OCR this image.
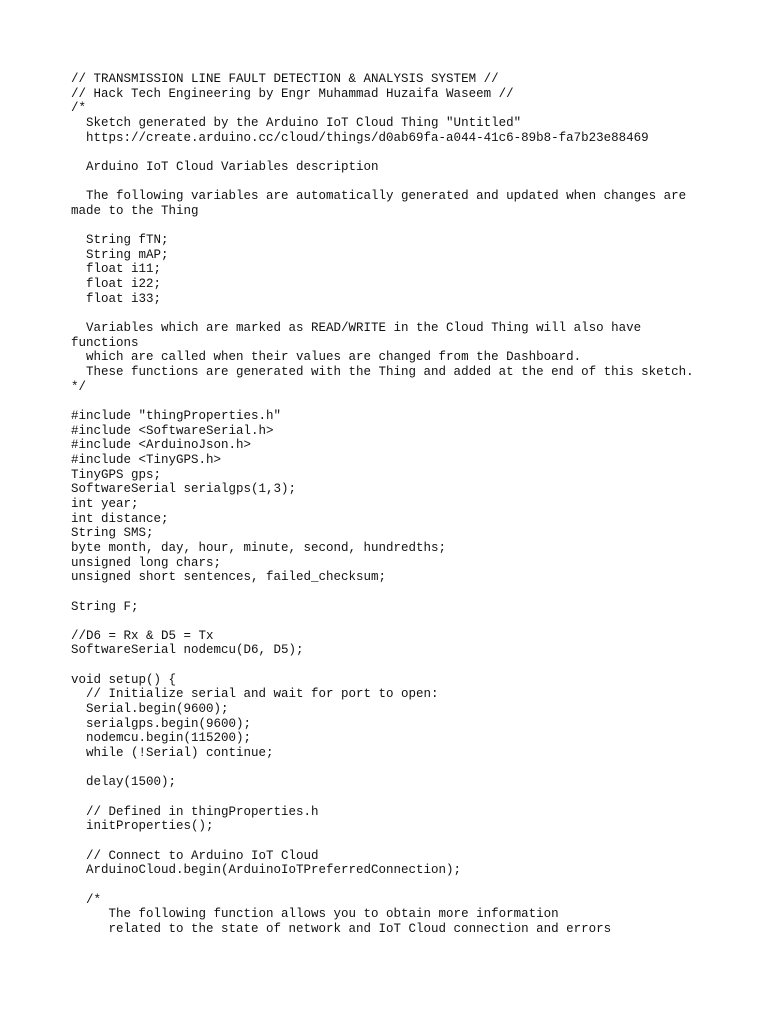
// TRANSMISSION LINE FAULT DETECTION & ANALYSIS SYSTEM //
// Hack Tech Engineering by Engr Muhammad Huzaifa Waseem //
/*
Sketch generated by the Arduino IoT Cloud Thing "Untitled"
https://create.arduino.cc/cloud/things/d0ab69fa-a044-41c6-89b8-fa7b23e88469
Arduino IoT Cloud Variables description
The following variables are automatically generated and updated when changes are
made to the Thing
String fTN;
String mAP;
float i11;
float i22;
float i33;
Variables which are marked as READ/WRITE in the Cloud Thing will also have
functions
which are called when their values are changed from the Dashboard.
These functions are generated with the Thing and added at the end of this sketch.
*/
#include "thingProperties.h"
#include <SoftwareSerial.h>
#include <ArduinoJson.h>
#include <TinyGPS.h>
TinyGPS gps;
SoftwareSerial serialgps(1,3);
int year;
int distance;
String SMS;
byte month, day, hour, minute, second, hundredths;
unsigned long chars;
unsigned short sentences, failed_checksum;
String F;
//D6 = Rx & D5 = Tx
SoftwareSerial nodemcu(D6, D5);
void setup() {
// Initialize serial and wait for port to open:
Serial.begin(9600);
serialgps.begin(9600);
nodemcu.begin(115200);
while (!Serial) continue;
delay(1500);
// Defined in thingProperties.h
initProperties();
// Connect to Arduino IoT Cloud
ArduinoCloud.begin(ArduinoIoTPreferredConnection);
/*
The following function allows you to obtain more information
related to the state of network and IoT Cloud connection and errors
